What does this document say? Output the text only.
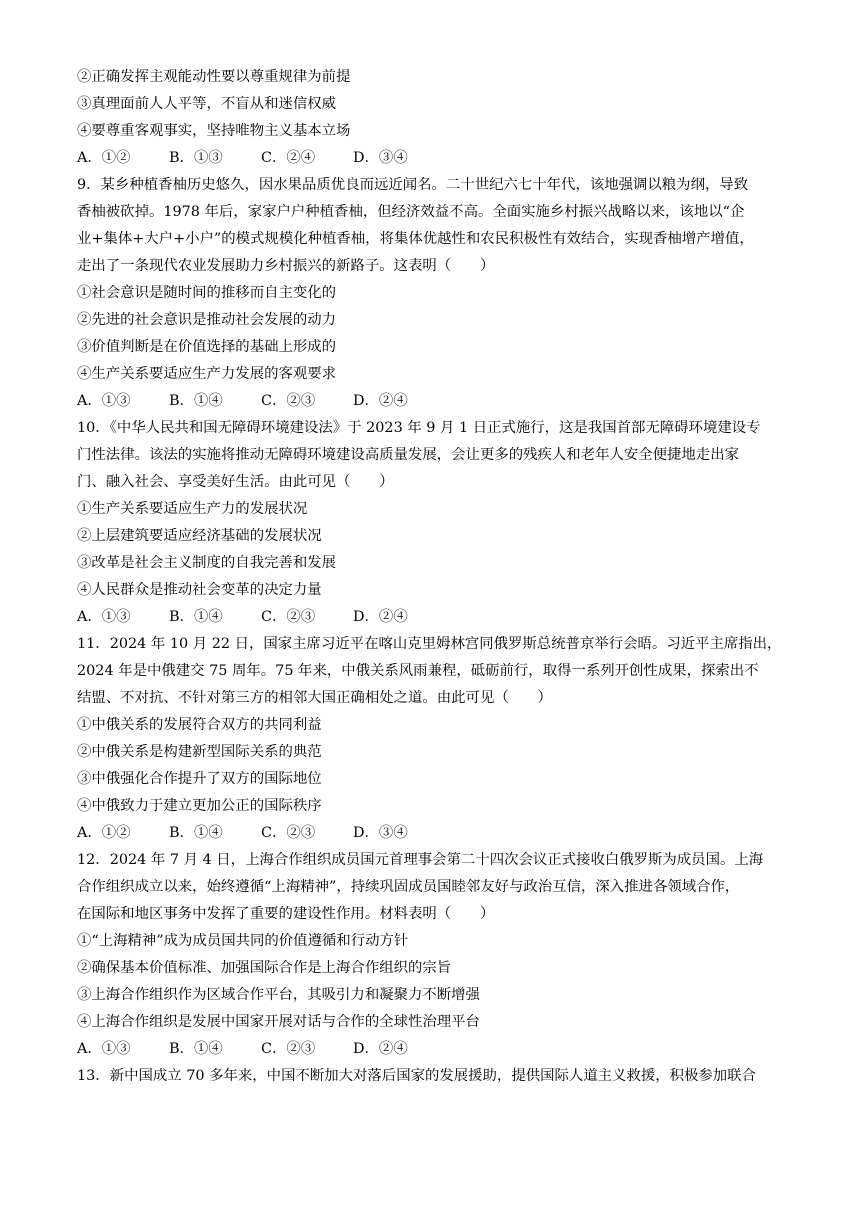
②正确发挥主观能动性要以尊重规律为前提
③真理面前人人平等，不盲从和迷信权威
④要尊重客观事实，坚持唯物主义基本立场
A．①②	B．①③	C．②④	D．③④
9．某乡种植香柚历史悠久，因水果品质优良而远近闻名。二十世纪六七十年代，该地强调以粮为纲，导致
香柚被砍掉。1978 年后，家家户户种植香柚，但经济效益不高。全面实施乡村振兴战略以来，该地以“企
业+集体+大户+小户”的模式规模化种植香柚，将集体优越性和农民积极性有效结合，实现香柚增产增值，
走出了一条现代农业发展助力乡村振兴的新路子。这表明（　　）
①社会意识是随时间的推移而自主变化的
②先进的社会意识是推动社会发展的动力
③价值判断是在价值选择的基础上形成的
④生产关系要适应生产力发展的客观要求
A．①③	B．①④	C．②③	D．②④
10．《中华人民共和国无障碍环境建设法》于 2023 年 9 月 1 日正式施行，这是我国首部无障碍环境建设专
门性法律。该法的实施将推动无障碍环境建设高质量发展，会让更多的残疾人和老年人安全便捷地走出家
门、融入社会、享受美好生活。由此可见（　　）
①生产关系要适应生产力的发展状况
②上层建筑要适应经济基础的发展状况
③改革是社会主义制度的自我完善和发展
④人民群众是推动社会变革的决定力量
A．①③	B．①④	C．②③	D．②④
11．2024 年 10 月 22 日，国家主席习近平在喀山克里姆林宫同俄罗斯总统普京举行会晤。习近平主席指出，
2024 年是中俄建交 75 周年。75 年来，中俄关系风雨兼程，砥砺前行，取得一系列开创性成果，探索出不
结盟、不对抗、不针对第三方的相邻大国正确相处之道。由此可见（　　）
①中俄关系的发展符合双方的共同利益
②中俄关系是构建新型国际关系的典范
③中俄强化合作提升了双方的国际地位
④中俄致力于建立更加公正的国际秩序
A．①②	B．①④	C．②③	D．③④
12．2024 年 7 月 4 日，上海合作组织成员国元首理事会第二十四次会议正式接收白俄罗斯为成员国。上海
合作组织成立以来，始终遵循“上海精神”，持续巩固成员国睦邻友好与政治互信，深入推进各领域合作，
在国际和地区事务中发挥了重要的建设性作用。材料表明（　　）
①“上海精神”成为成员国共同的价值遵循和行动方针
②确保基本价值标准、加强国际合作是上海合作组织的宗旨
③上海合作组织作为区域合作平台，其吸引力和凝聚力不断增强
④上海合作组织是发展中国家开展对话与合作的全球性治理平台
A．①③	B．①④	C．②③	D．②④
13．新中国成立 70 多年来，中国不断加大对落后国家的发展援助，提供国际人道主义救援，积极参加联合
